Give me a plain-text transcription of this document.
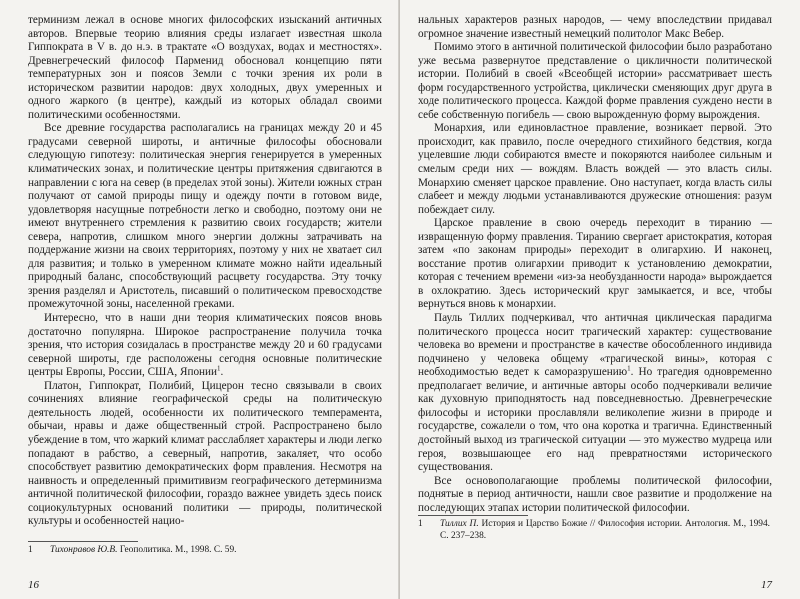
терминизм лежал в основе многих философских изысканий античных авторов. Впервые теорию влияния среды излагает известная школа Гиппократа в V в. до н.э. в трактате «О воздухах, водах и местностях». Древнегреческий философ Парменид обосновал концепцию пяти температурных зон и поясов Земли с точки зрения их роли в историческом развитии народов: двух холодных, двух умеренных и одного жаркого (в центре), каждый из которых обладал своими политическими особенностями.

Все древние государства располагались на границах между 20 и 45 градусами северной широты, и античные философы обосновали следующую гипотезу: политическая энергия генерируется в умеренных климатических зонах, и политические центры притяжения сдвигаются в направлении с юга на север (в пределах этой зоны). Жители южных стран получают от самой природы пищу и одежду почти в готовом виде, удовлетворяя насущные потребности легко и свободно, поэтому они не имеют внутреннего стремления к развитию своих государств; жители севера, напротив, слишком много энергии должны затрачивать на поддержание жизни на своих территориях, поэтому у них не хватает сил для развития; и только в умеренном климате можно найти идеальный природный баланс, способствующий расцвету государства. Эту точку зрения разделял и Аристотель, писавший о политическом превосходстве промежуточной зоны, населенной греками.

Интересно, что в наши дни теория климатических поясов вновь достаточно популярна. Широкое распространение получила точка зрения, что история созидалась в пространстве между 20 и 60 градусами северной широты, где расположены сегодня основные политические центры Европы, России, США, Японии$^1$.

Платон, Гиппократ, Полибий, Цицерон тесно связывали в своих сочинениях влияние географической среды на политическую деятельность людей, особенности их политического темперамента, обычаи, нравы и даже общественный строй. Распространено было убеждение в том, что жаркий климат расслабляет характеры и люди легко попадают в рабство, а северный, напротив, закаляет, что особо способствует развитию демократических форм правления. Несмотря на наивность и определенный примитивизм географического детерминизма античной политической философии, гораздо важнее увидеть здесь поиск социокультурных оснований политики — природы, политической культуры и особенностей нацио-

1 Тихонравов Ю.В. Геополитика. М., 1998. С. 59.
16

нальных характеров разных народов, — чему впоследствии придавал огромное значение известный немецкий политолог Макс Вебер.

Помимо этого в античной политической философии было разработано уже весьма развернутое представление о цикличности политической истории. Полибий в своей «Всеобщей истории» рассматривает шесть форм государственного устройства, циклически сменяющих друг друга в ходе политического процесса. Каждой форме правления суждено нести в себе собственную погибель — свою вырожденную форму вырождения.

Монархия, или единовластное правление, возникает первой. Это происходит, как правило, после очередного стихийного бедствия, когда уцелевшие люди собираются вместе и покоряются наиболее сильным и смелым среди них — вождям. Власть вождей — это власть силы. Монархию сменяет царское правление. Оно наступает, когда власть силы слабеет и между людьми устанавливаются дружеские отношения: разум побеждает силу.

Царское правление в свою очередь переходит в тиранию — извращенную форму правления. Тиранию свергает аристократия, которая затем «по законам природы» переходит в олигархию. И наконец, восстание против олигархии приводит к установлению демократии, которая с течением времени «из-за необузданности народа» вырождается в охлократию. Здесь исторический круг замыкается, и все, чтобы вернуться вновь к монархии.

Пауль Тиллих подчеркивал, что античная циклическая парадигма политического процесса носит трагический характер: существование человека во времени и пространстве в качестве обособленного индивида подчинено у человека общему «трагической вины», которая с необходимостью ведет к саморазрушению$^1$. Но трагедия одновременно предполагает величие, и античные авторы особо подчеркивали величие как духовную приподнятость над повседневностью. Древнегреческие философы и историки прославляли великолепие жизни в природе и государстве, сожалели о том, что она коротка и трагична. Единственный достойный выход из трагической ситуации — это мужество мудреца или героя, возвышающее его над превратностями исторического существования.

Все основополагающие проблемы политической философии, поднятые в период античности, нашли свое развитие и продолжение на последующих этапах истории политической философии.

1 Тиллих П. История и Царство Божие // Философия истории. Антология. М., 1994. С. 237–238.
17
